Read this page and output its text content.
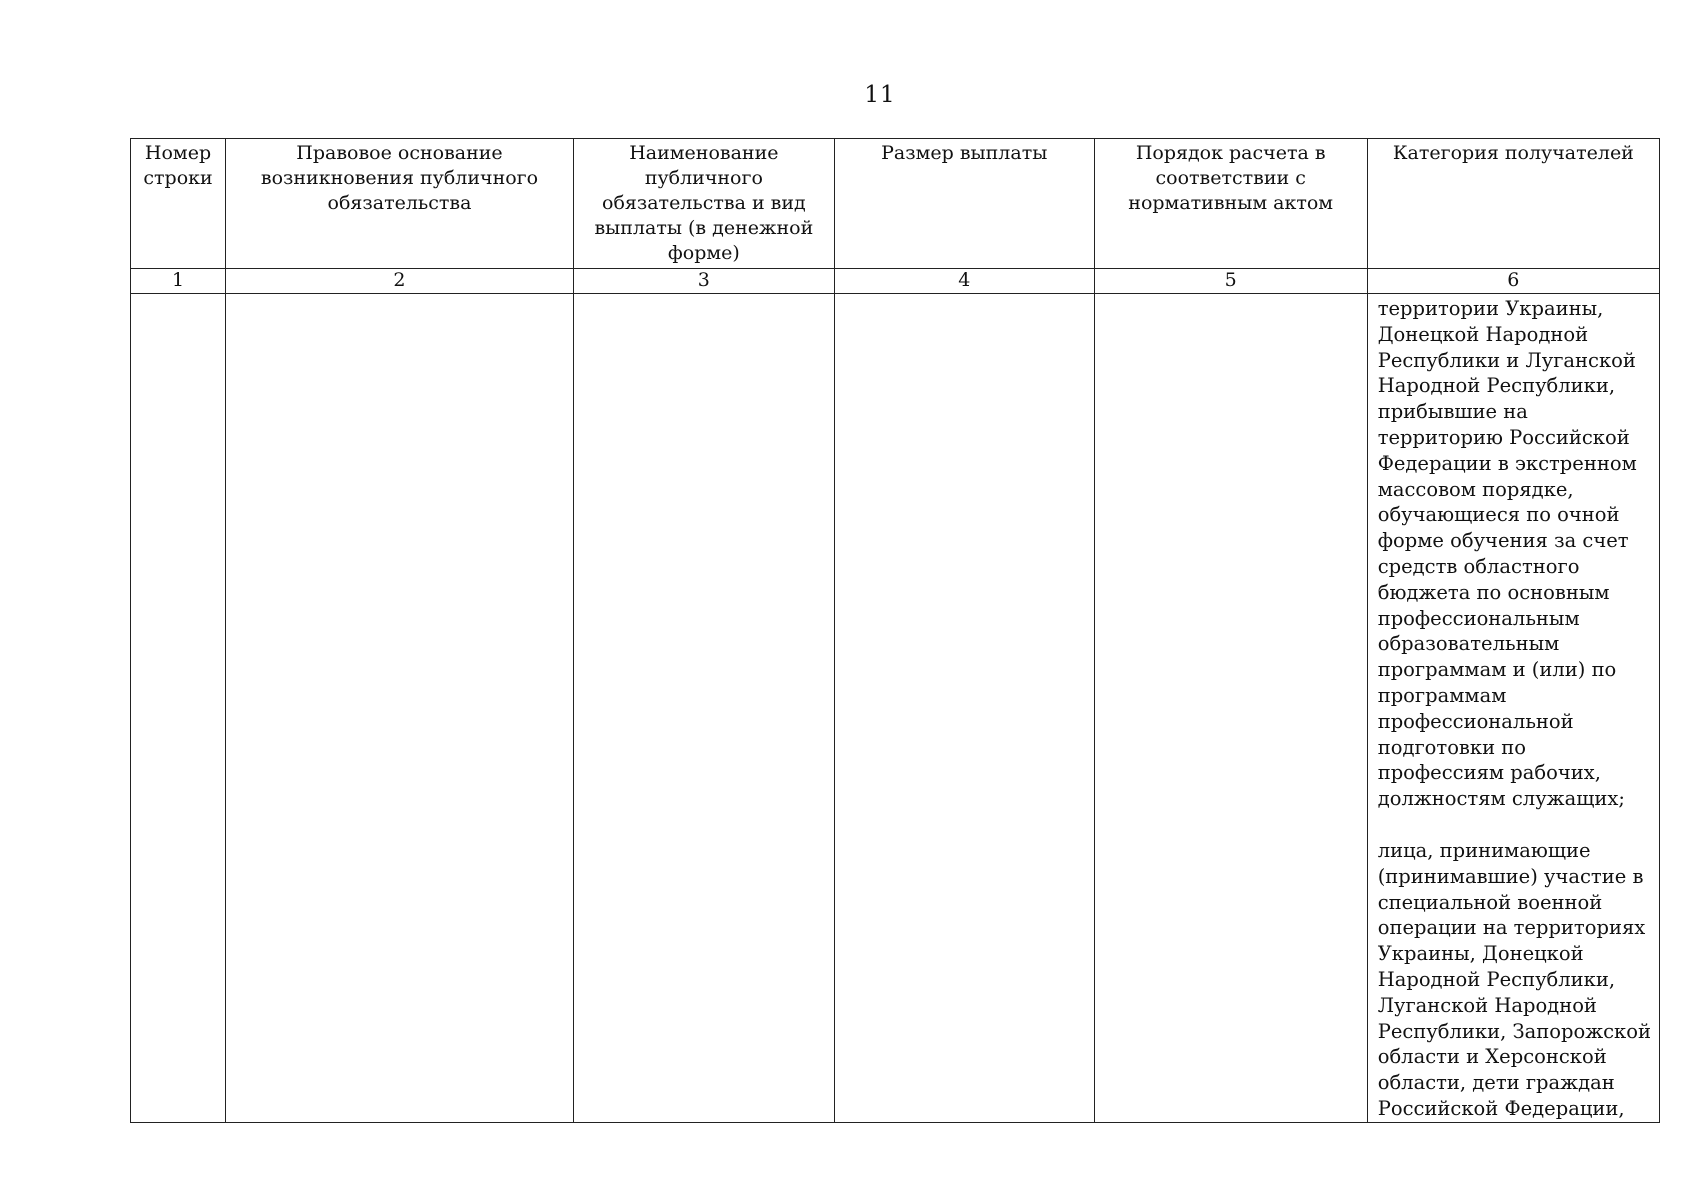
11
Номер строки	Правовое основание возникновения публичного обязательства	Наименование публичного обязательства и вид выплаты (в денежной форме)	Размер выплаты	Порядок расчета в соответствии с нормативным актом	Категория получателей
1	2	3	4	5	6

					территории Украины, Донецкой Народной Республики и Луганской Народной Республики, прибывшие на территорию Российской Федерации в экстренном массовом порядке, обучающиеся по очной форме обучения за счет средств областного бюджета по основным профессиональным образовательным программам и (или) по программам профессиональной подготовки по профессиям рабочих, должностям служащих;
лица, принимающие (принимавшие) участие в специальной военной операции на территориях Украины, Донецкой Народной Республики, Луганской Народной Республики, Запорожской области и Херсонской области, дети граждан Российской Федерации,
